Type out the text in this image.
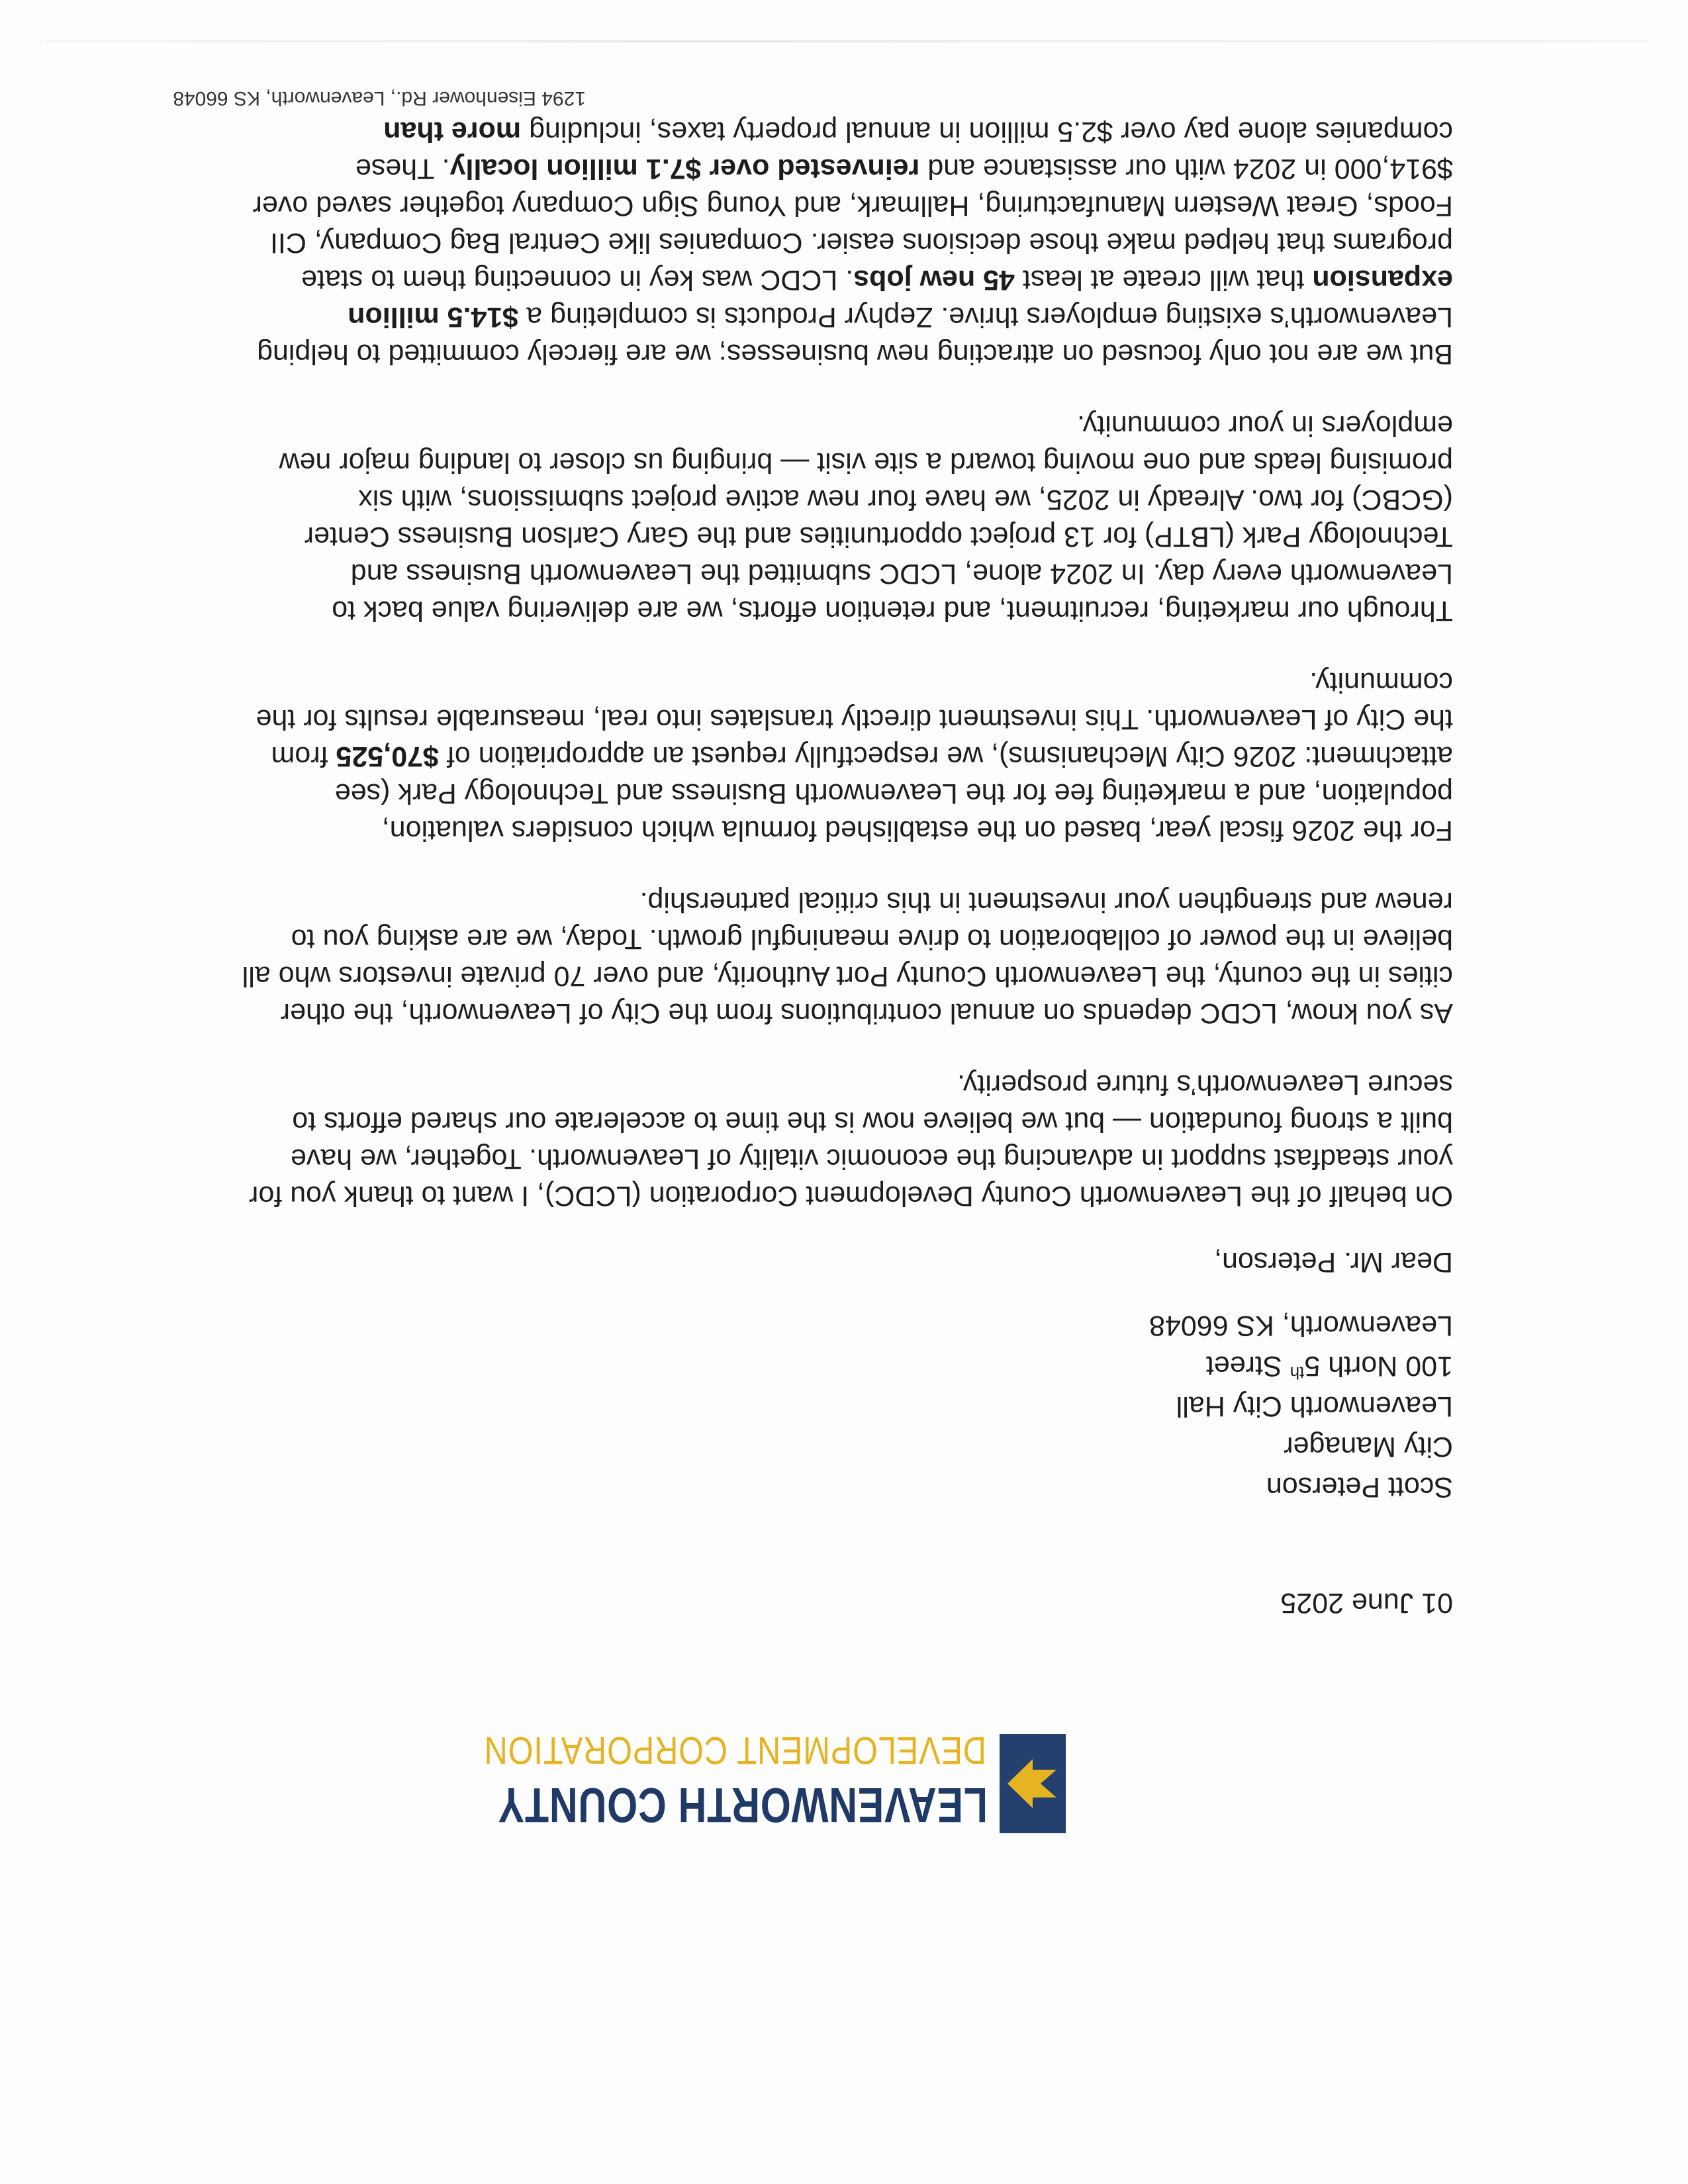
LEAVENWORTH COUNTY
DEVELOPMENT CORPORATION
01 June 2025
Scott Peterson
City Manager
Leavenworth City Hall
100 North 5th Street
Leavenworth, KS 66048
Dear Mr. Peterson,

On behalf of the Leavenworth County Development Corporation (LCDC), I want to thank you for your steadfast support in advancing the economic vitality of Leavenworth. Together, we have built a strong foundation — but we believe now is the time to accelerate our shared efforts to secure Leavenworth’s future prosperity.

As you know, LCDC depends on annual contributions from the City of Leavenworth, the other cities in the county, the Leavenworth County Port Authority, and over 70 private investors who all believe in the power of collaboration to drive meaningful growth. Today, we are asking you to renew and strengthen your investment in this critical partnership.

For the 2026 fiscal year, based on the established formula which considers valuation, population, and a marketing fee for the Leavenworth Business and Technology Park (see attachment: 2026 City Mechanisms), we respectfully request an appropriation of $70,525 from the City of Leavenworth. This investment directly translates into real, measurable results for the community.

Through our marketing, recruitment, and retention efforts, we are delivering value back to Leavenworth every day. In 2024 alone, LCDC submitted the Leavenworth Business and Technology Park (LBTP) for 13 project opportunities and the Gary Carlson Business Center (GCBC) for two. Already in 2025, we have four new active project submissions, with six promising leads and one moving toward a site visit — bringing us closer to landing major new employers in your community.

But we are not only focused on attracting new businesses; we are fiercely committed to helping Leavenworth’s existing employers thrive. Zephyr Products is completing a $14.5 million expansion that will create at least 45 new jobs. LCDC was key in connecting them to state programs that helped make those decisions easier. Companies like Central Bag Company, CII Foods, Great Western Manufacturing, Hallmark, and Young Sign Company together saved over $914,000 in 2024 with our assistance and reinvested over $7.1 million locally. These companies alone pay over $2.5 million in annual property taxes, including more than

1294 Eisenhower Rd., Leavenworth, KS 66048
